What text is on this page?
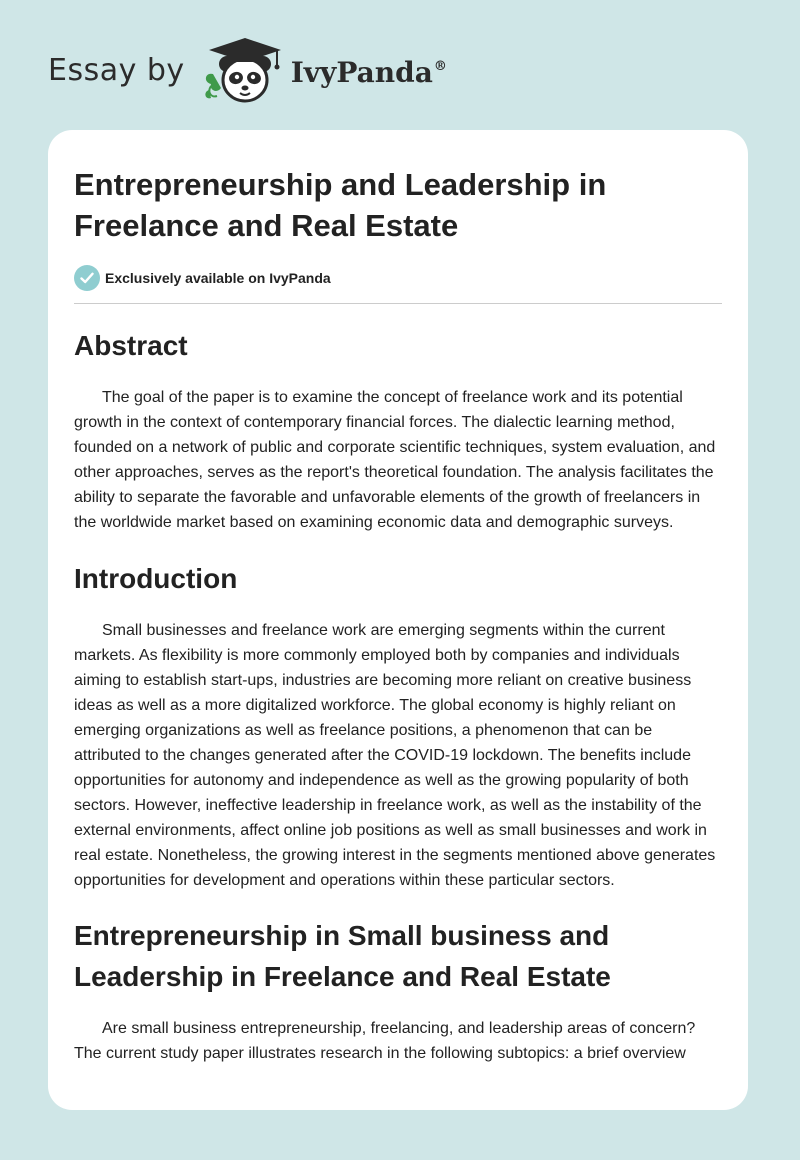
Essay by	IvyPanda®
Entrepreneurship and Leadership in Freelance and Real Estate
Exclusively available on IvyPanda
Abstract

The goal of the paper is to examine the concept of freelance work and its potential growth in the context of contemporary financial forces. The dialectic learning method, founded on a network of public and corporate scientific techniques, system evaluation, and other approaches, serves as the report's theoretical foundation. The analysis facilitates the ability to separate the favorable and unfavorable elements of the growth of freelancers in the worldwide market based on examining economic data and demographic surveys.

Introduction

Small businesses and freelance work are emerging segments within the current markets. As flexibility is more commonly employed both by companies and individuals aiming to establish start-ups, industries are becoming more reliant on creative business ideas as well as a more digitalized workforce. The global economy is highly reliant on emerging organizations as well as freelance positions, a phenomenon that can be attributed to the changes generated after the COVID-19 lockdown. The benefits include opportunities for autonomy and independence as well as the growing popularity of both sectors. However, ineffective leadership in freelance work, as well as the instability of the external environments, affect online job positions as well as small businesses and work in real estate. Nonetheless, the growing interest in the segments mentioned above generates opportunities for development and operations within these particular sectors.

Entrepreneurship in Small business and Leadership in Freelance and Real Estate

Are small business entrepreneurship, freelancing, and leadership areas of concern? The current study paper illustrates research in the following subtopics: a brief overview
